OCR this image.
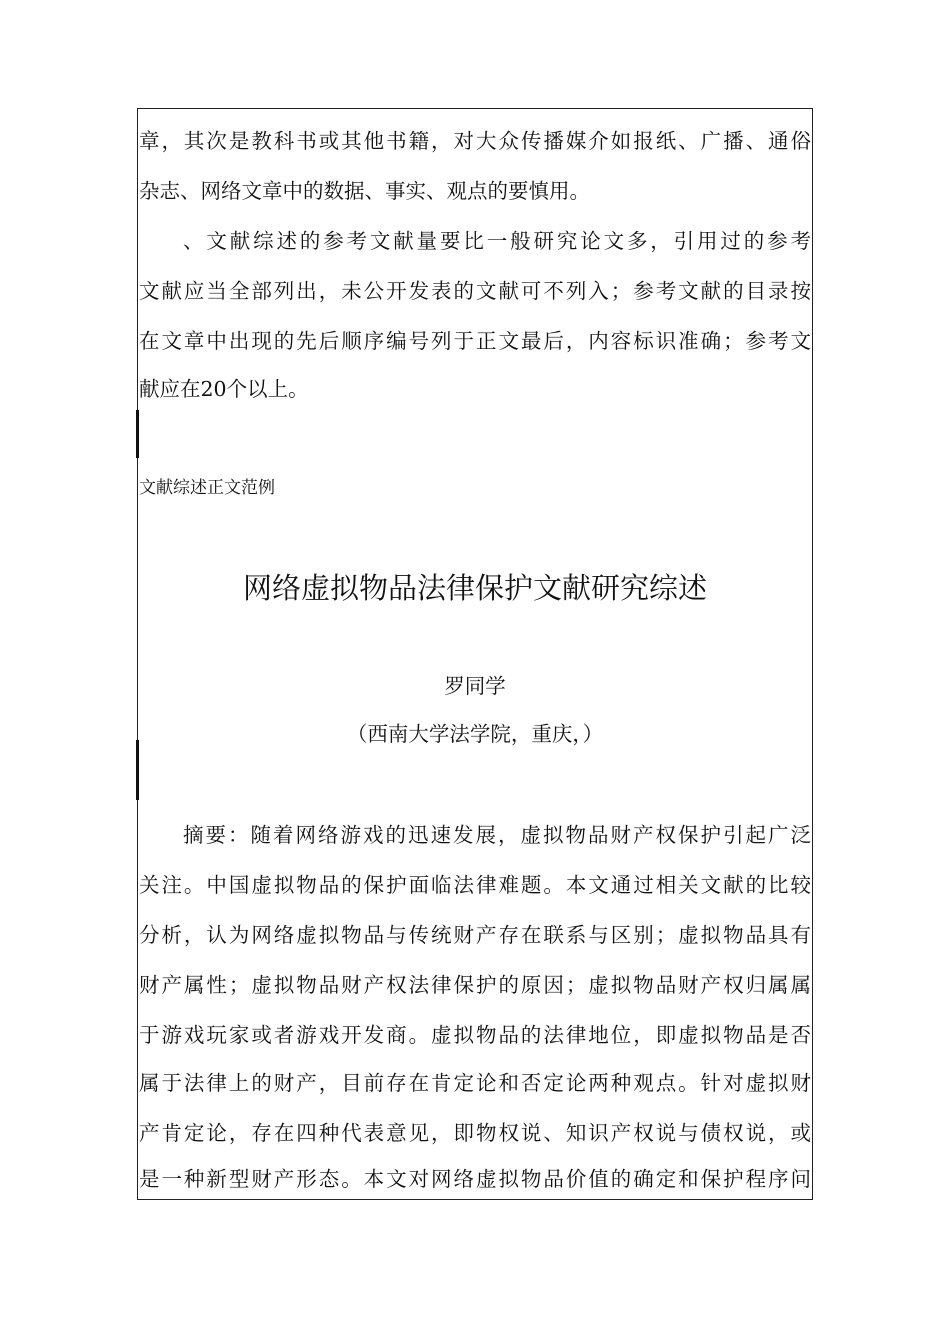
章，其次是教科书或其他书籍，对大众传播媒介如报纸、广播、通俗
杂志、网络文章中的数据、事实、观点的要慎用。
、文献综述的参考文献量要比一般研究论文多，引用过的参考
文献应当全部列出，未公开发表的文献可不列入；参考文献的目录按
在文章中出现的先后顺序编号列于正文最后，内容标识准确；参考文
献应在20个以上。
文献综述正文范例
网络虚拟物品法律保护文献研究综述
罗同学
（西南大学法学院，重庆，）
摘要：随着网络游戏的迅速发展，虚拟物品财产权保护引起广泛
关注。中国虚拟物品的保护面临法律难题。本文通过相关文献的比较
分析，认为网络虚拟物品与传统财产存在联系与区别；虚拟物品具有
财产属性；虚拟物品财产权法律保护的原因；虚拟物品财产权归属属
于游戏玩家或者游戏开发商。虚拟物品的法律地位，即虚拟物品是否
属于法律上的财产，目前存在肯定论和否定论两种观点。针对虚拟财
产肯定论，存在四种代表意见，即物权说、知识产权说与债权说，或
是一种新型财产形态。本文对网络虚拟物品价值的确定和保护程序问
